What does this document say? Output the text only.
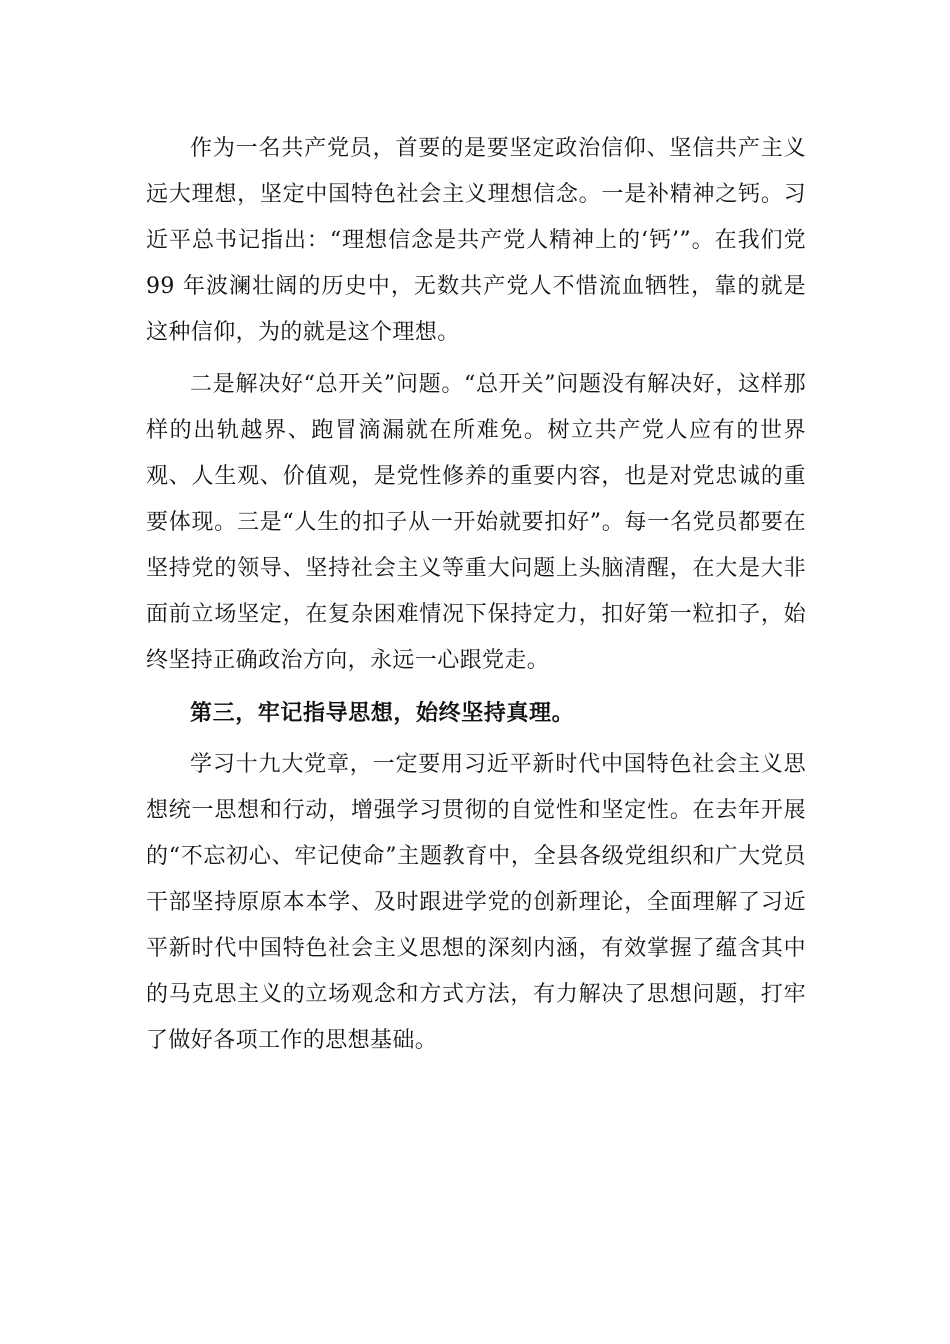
作为一名共产党员，首要的是要坚定政治信仰、坚信共产主义远大理想，坚定中国特色社会主义理想信念。一是补精神之钙。习近平总书记指出：“理想信念是共产党人精神上的‘钙’”。在我们党 99 年波澜壮阔的历史中，无数共产党人不惜流血牺牲，靠的就是这种信仰，为的就是这个理想。

二是解决好“总开关”问题。“总开关”问题没有解决好，这样那样的出轨越界、跑冒滴漏就在所难免。树立共产党人应有的世界观、人生观、价值观，是党性修养的重要内容，也是对党忠诚的重要体现。三是“人生的扣子从一开始就要扣好”。每一名党员都要在坚持党的领导、坚持社会主义等重大问题上头脑清醒，在大是大非面前立场坚定，在复杂困难情况下保持定力，扣好第一粒扣子，始终坚持正确政治方向，永远一心跟党走。

第三，牢记指导思想，始终坚持真理。

学习十九大党章，一定要用习近平新时代中国特色社会主义思想统一思想和行动，增强学习贯彻的自觉性和坚定性。在去年开展的“不忘初心、牢记使命”主题教育中，全县各级党组织和广大党员干部坚持原原本本学、及时跟进学党的创新理论，全面理解了习近平新时代中国特色社会主义思想的深刻内涵，有效掌握了蕴含其中的马克思主义的立场观念和方式方法，有力解决了思想问题，打牢了做好各项工作的思想基础。
